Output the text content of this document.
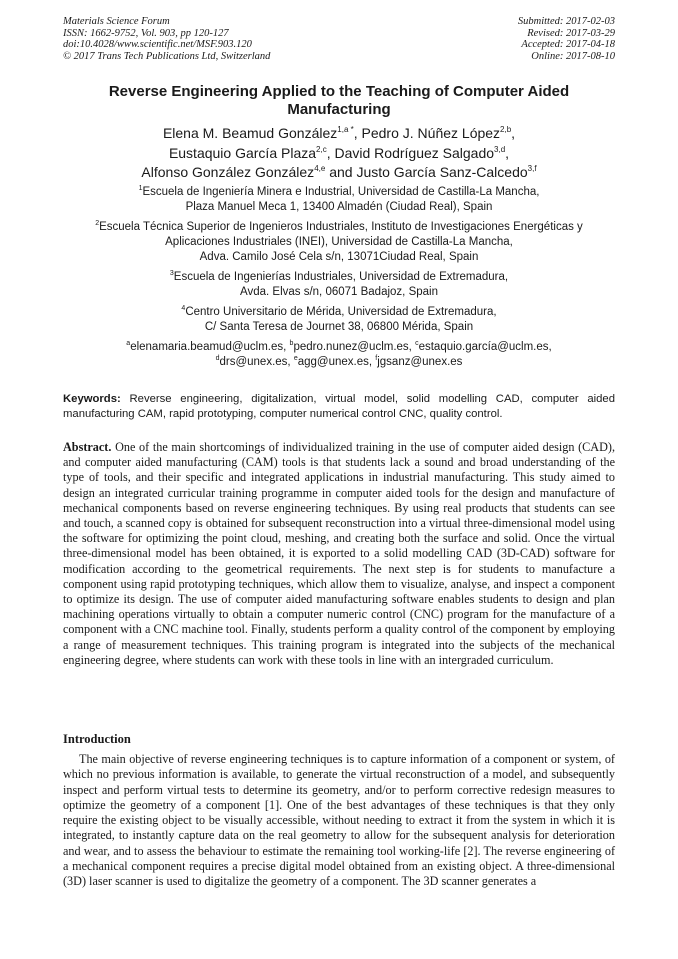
Materials Science Forum
ISSN: 1662-9752, Vol. 903, pp 120-127
doi:10.4028/www.scientific.net/MSF.903.120
© 2017 Trans Tech Publications Ltd, Switzerland
Submitted: 2017-02-03
Revised: 2017-03-29
Accepted: 2017-04-18
Online: 2017-08-10
Reverse Engineering Applied to the Teaching of Computer Aided
Manufacturing
Elena M. Beamud González$^{1,a *}$, Pedro J. Núñez López$^{2,b}$,
Eustaquio García Plaza$^{2,c}$, David Rodríguez Salgado$^{3,d}$,
Alfonso González González$^{4,e}$ and Justo García Sanz-Calcedo$^{3,f}$
$^1$Escuela de Ingeniería Minera e Industrial, Universidad de Castilla-La Mancha,
Plaza Manuel Meca 1, 13400 Almadén (Ciudad Real), Spain
$^2$Escuela Técnica Superior de Ingenieros Industriales, Instituto de Investigaciones Energéticas y
Aplicaciones Industriales (INEI), Universidad de Castilla-La Mancha,
Adva. Camilo José Cela s/n, 13071Ciudad Real, Spain
$^3$Escuela de Ingenierías Industriales, Universidad de Extremadura,
Avda. Elvas s/n, 06071 Badajoz, Spain
$^4$Centro Universitario de Mérida, Universidad de Extremadura,
C/ Santa Teresa de Journet 38, 06800 Mérida, Spain
$^a$elenamaria.beamud@uclm.es, $^b$pedro.nunez@uclm.es, $^c$estaquio.garcía@uclm.es,
$^d$drs@unex.es, $^e$agg@unex.es, $^f$jgsanz@unex.es
Keywords: Reverse engineering, digitalization, virtual model, solid modelling CAD, computer aided manufacturing CAM, rapid prototyping, computer numerical control CNC, quality control.
Abstract. One of the main shortcomings of individualized training in the use of computer aided design (CAD), and computer aided manufacturing (CAM) tools is that students lack a sound and broad understanding of the type of tools, and their specific and integrated applications in industrial manufacturing. This study aimed to design an integrated curricular training programme in computer aided tools for the design and manufacture of mechanical components based on reverse engineering techniques. By using real products that students can see and touch, a scanned copy is obtained for subsequent reconstruction into a virtual three-dimensional model using the software for optimizing the point cloud, meshing, and creating both the surface and solid. Once the virtual three-dimensional model has been obtained, it is exported to a solid modelling CAD (3D-CAD) software for modification according to the geometrical requirements. The next step is for students to manufacture a component using rapid prototyping techniques, which allow them to visualize, analyse, and inspect a component to optimize its design. The use of computer aided manufacturing software enables students to design and plan machining operations virtually to obtain a computer numeric control (CNC) program for the manufacture of a component with a CNC machine tool. Finally, students perform a quality control of the component by employing a range of measurement techniques. This training program is integrated into the subjects of the mechanical engineering degree, where students can work with these tools in line with an intergraded curriculum.
Introduction

The main objective of reverse engineering techniques is to capture information of a component or system, of which no previous information is available, to generate the virtual reconstruction of a model, and subsequently inspect and perform virtual tests to determine its geometry, and/or to perform corrective redesign measures to optimize the geometry of a component [1]. One of the best advantages of these techniques is that they only require the existing object to be visually accessible, without needing to extract it from the system in which it is integrated, to instantly capture data on the real geometry to allow for the subsequent analysis for deterioration and wear, and to assess the behaviour to estimate the remaining tool working-life [2]. The reverse engineering of a mechanical component requires a precise digital model obtained from an existing object. A three-dimensional (3D) laser scanner is used to digitalize the geometry of a component. The 3D scanner generates a
